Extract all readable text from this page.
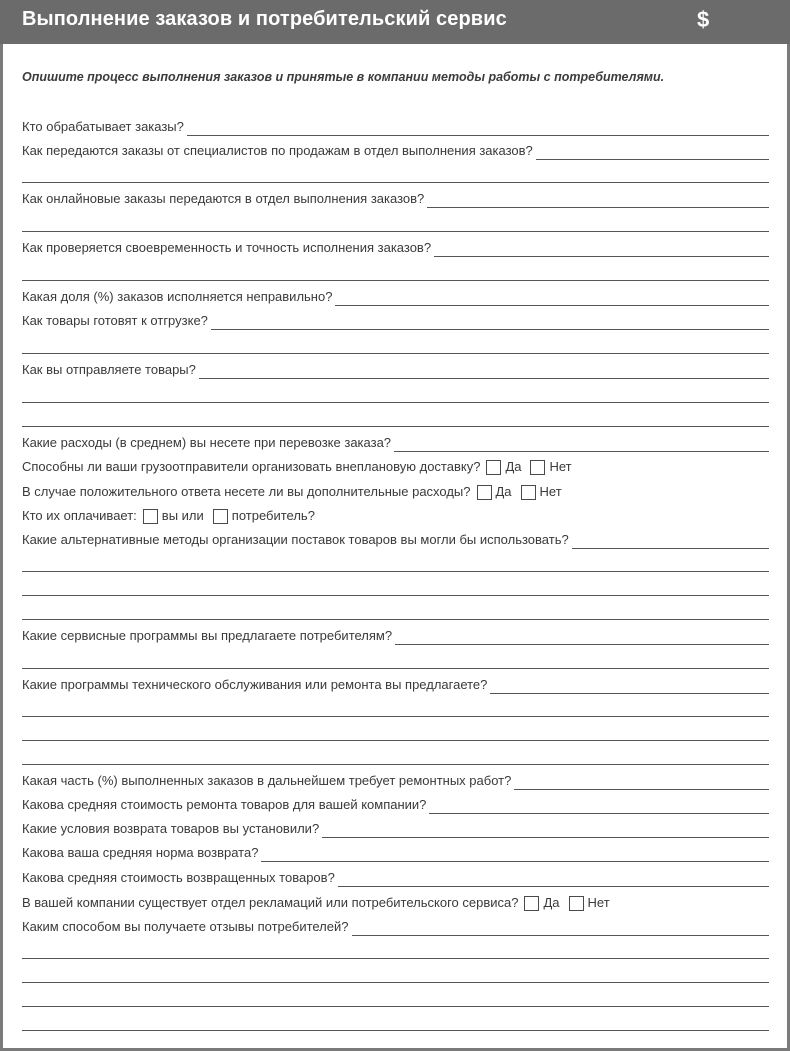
Выполнение заказов и потребительский сервис	$
Опишите процесс выполнения заказов и принятые в компании методы работы с потребителями.
Кто обрабатывает заказы?
Как передаются заказы от специалистов по продажам в отдел выполнения заказов?
Как онлайновые заказы передаются в отдел выполнения заказов?
Как проверяется своевременность и точность исполнения заказов?
Какая доля (%) заказов исполняется неправильно?
Как товары готовят к отгрузке?
Как вы отправляете товары?
Какие расходы (в среднем) вы несете при перевозке заказа?
Способны ли ваши грузоотправители организовать внеплановую доставку? Да Нет
В случае положительного ответа несете ли вы дополнительные расходы? Да Нет
Кто их оплачивает: вы или потребитель?
Какие альтернативные методы организации поставок товаров вы могли бы использовать?
Какие сервисные программы вы предлагаете потребителям?
Какие программы технического обслуживания или ремонта вы предлагаете?
Какая часть (%) выполненных заказов в дальнейшем требует ремонтных работ?
Какова средняя стоимость ремонта товаров для вашей компании?
Какие условия возврата товаров вы установили?
Какова ваша средняя норма возврата?
Какова средняя стоимость возвращенных товаров?
В вашей компании существует отдел рекламаций или потребительского сервиса? Да Нет
Каким способом вы получаете отзывы потребителей?
